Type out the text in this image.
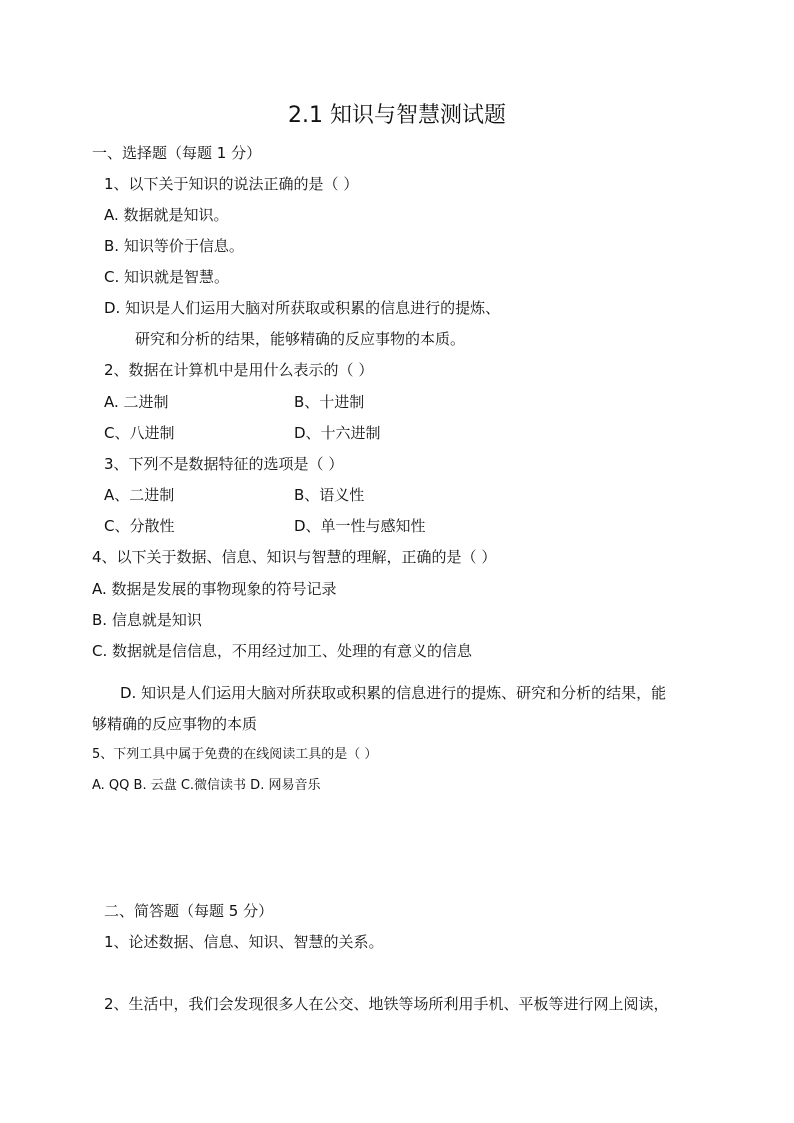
2.1 知识与智慧测试题
一、选择题（每题 1 分）
1、以下关于知识的说法正确的是（ ）
A. 数据就是知识。
B. 知识等价于信息。
C. 知识就是智慧。
D. 知识是人们运用大脑对所获取或积累的信息进行的提炼、
研究和分析的结果，能够精确的反应事物的本质。
2、数据在计算机中是用什么表示的（ ）
A. 二进制	B、十进制
C、八进制	D、十六进制
3、下列不是数据特征的选项是（ ）
A、二进制	B、语义性
C、分散性	D、单一性与感知性
4、以下关于数据、信息、知识与智慧的理解，正确的是（ ）
A. 数据是发展的事物现象的符号记录
B. 信息就是知识
C. 数据就是信信息，不用经过加工、处理的有意义的信息
D. 知识是人们运用大脑对所获取或积累的信息进行的提炼、研究和分析的结果，能
够精确的反应事物的本质
5、下列工具中属于免费的在线阅读工具的是（ ）
A. QQ B. 云盘 C.微信读书 D. 网易音乐
二、简答题（每题 5 分）
1、论述数据、信息、知识、智慧的关系。
2、生活中，我们会发现很多人在公交、地铁等场所利用手机、平板等进行网上阅读，
